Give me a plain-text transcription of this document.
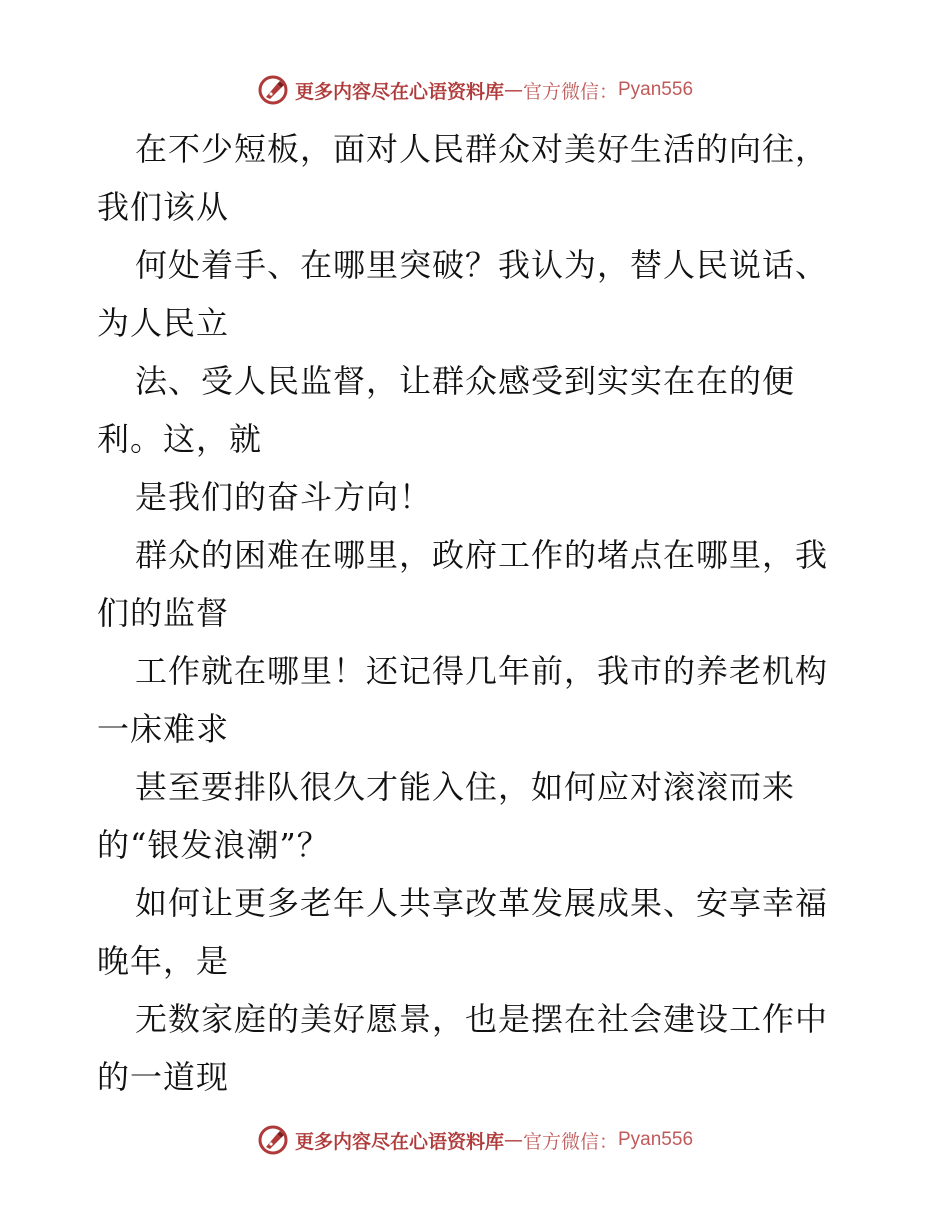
更多内容尽在心语资料库 — 官方微信： Pyan556
在不少短板，面对人民群众对美好生活的向往，
我们该从
何处着手、在哪里突破？我认为，替人民说话、
为人民立
法、受人民监督，让群众感受到实实在在的便
利。这，就
是我们的奋斗方向！
群众的困难在哪里，政府工作的堵点在哪里，我
们的监督
工作就在哪里！还记得几年前，我市的养老机构
一床难求
甚至要排队很久才能入住，如何应对滚滚而来
的“银发浪潮”？
如何让更多老年人共享改革发展成果、安享幸福
晚年，是
无数家庭的美好愿景，也是摆在社会建设工作中
的一道现
更多内容尽在心语资料库 — 官方微信： Pyan556
